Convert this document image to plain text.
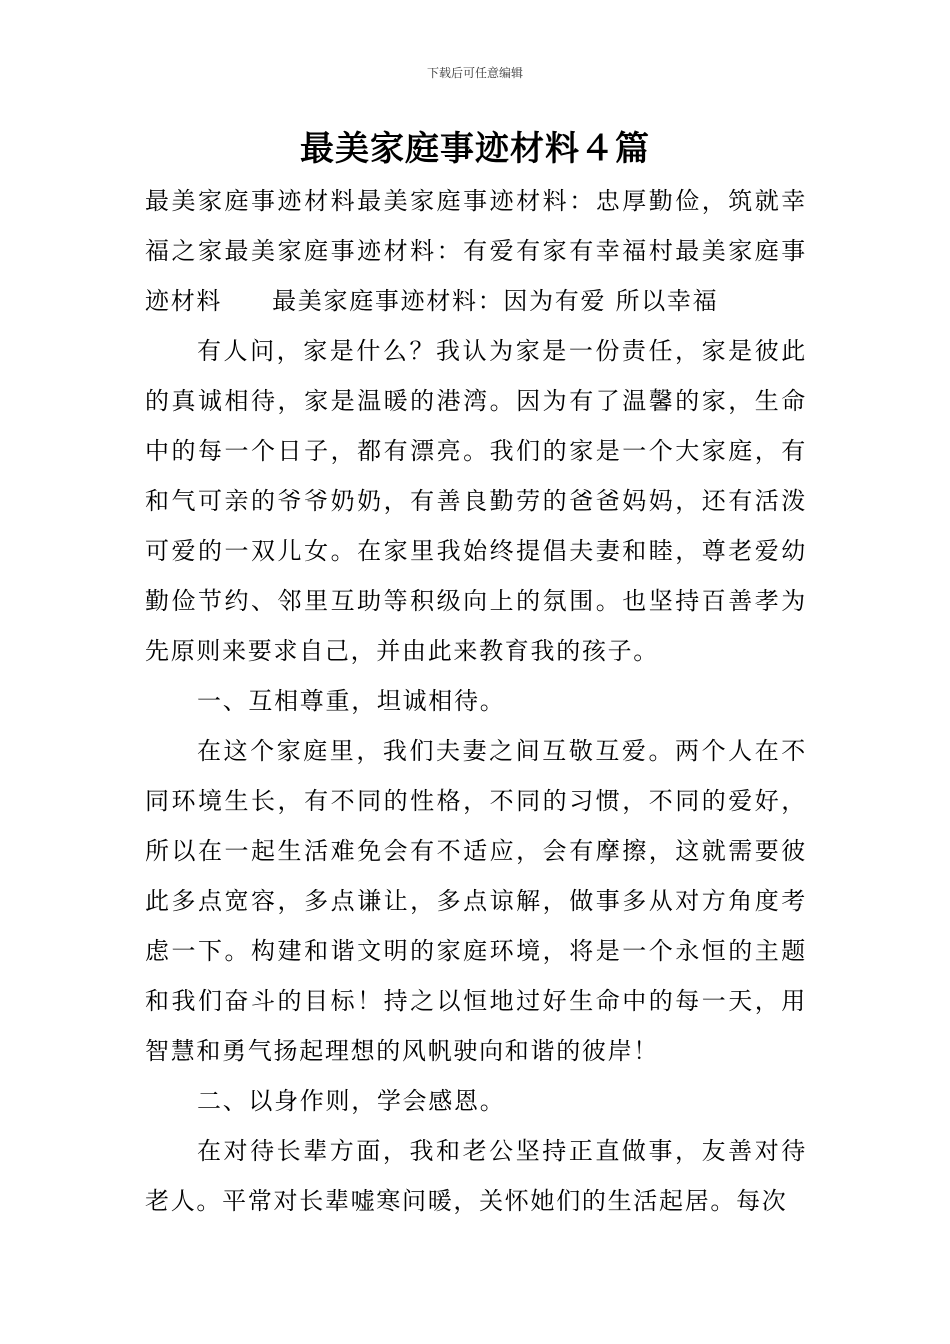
下载后可任意编辑
最美家庭事迹材料４篇

最美家庭事迹材料最美家庭事迹材料：忠厚勤俭，筑就幸福之家最美家庭事迹材料：有爱有家有幸福村最美家庭事迹材料 最美家庭事迹材料：因为有爱 所以幸福

有人问，家是什么？我认为家是一份责任，家是彼此的真诚相待，家是温暖的港湾。因为有了温馨的家，生命中的每一个日子，都有漂亮。我们的家是一个大家庭，有和气可亲的爷爷奶奶，有善良勤劳的爸爸妈妈，还有活泼可爱的一双儿女。在家里我始终提倡夫妻和睦，尊老爱幼勤俭节约、邻里互助等积级向上的氛围。也坚持百善孝为先原则来要求自己，并由此来教育我的孩子。

一、互相尊重，坦诚相待。

在这个家庭里，我们夫妻之间互敬互爱。两个人在不同环境生长，有不同的性格，不同的习惯，不同的爱好，所以在一起生活难免会有不适应，会有摩擦，这就需要彼此多点宽容，多点谦让，多点谅解，做事多从对方角度考虑一下。构建和谐文明的家庭环境，将是一个永恒的主题和我们奋斗的目标！持之以恒地过好生命中的每一天，用智慧和勇气扬起理想的风帆驶向和谐的彼岸！

二、以身作则，学会感恩。

在对待长辈方面，我和老公坚持正直做事，友善对待老人。平常对长辈嘘寒问暖，关怀她们的生活起居。每次
